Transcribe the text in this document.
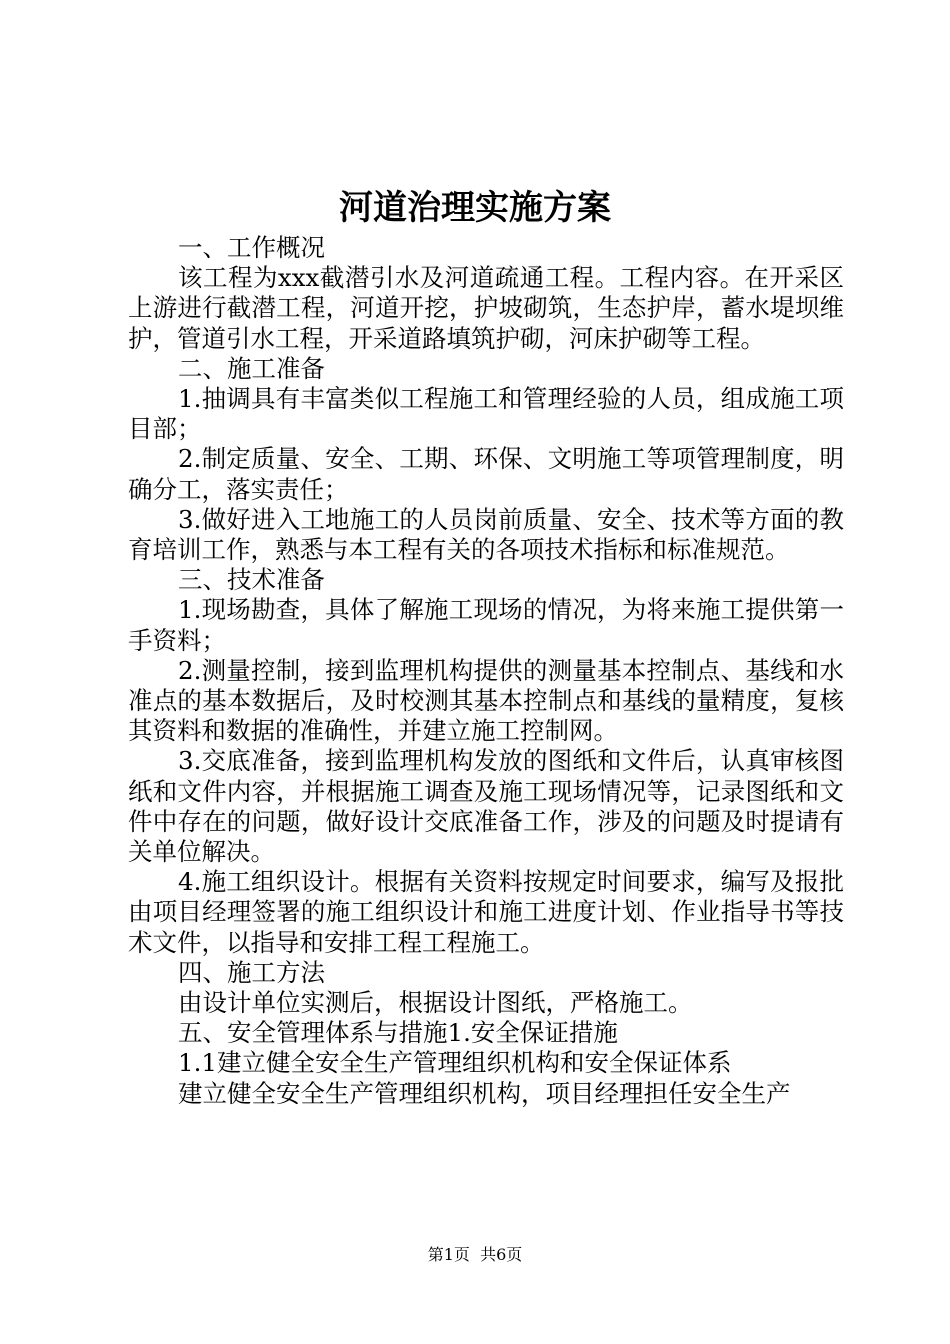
河道治理实施方案

一、工作概况

该工程为xxx截潜引水及河道疏通工程。工程内容。在开采区上游进行截潜工程，河道开挖，护坡砌筑，生态护岸，蓄水堤坝维护，管道引水工程，开采道路填筑护砌，河床护砌等工程。

二、施工准备

1.抽调具有丰富类似工程施工和管理经验的人员，组成施工项目部；

2.制定质量、安全、工期、环保、文明施工等项管理制度，明确分工，落实责任；

3.做好进入工地施工的人员岗前质量、安全、技术等方面的教育培训工作，熟悉与本工程有关的各项技术指标和标准规范。

三、技术准备

1.现场勘查，具体了解施工现场的情况，为将来施工提供第一手资料；

2.测量控制，接到监理机构提供的测量基本控制点、基线和水准点的基本数据后，及时校测其基本控制点和基线的量精度，复核其资料和数据的准确性，并建立施工控制网。

3.交底准备，接到监理机构发放的图纸和文件后，认真审核图纸和文件内容，并根据施工调查及施工现场情况等，记录图纸和文件中存在的问题，做好设计交底准备工作，涉及的问题及时提请有关单位解决。

4.施工组织设计。根据有关资料按规定时间要求，编写及报批由项目经理签署的施工组织设计和施工进度计划、作业指导书等技术文件，以指导和安排工程工程施工。

四、施工方法

由设计单位实测后，根据设计图纸，严格施工。

五、安全管理体系与措施1.安全保证措施

1.1建立健全安全生产管理组织机构和安全保证体系

建立健全安全生产管理组织机构，项目经理担任安全生产

第1页 共6页
